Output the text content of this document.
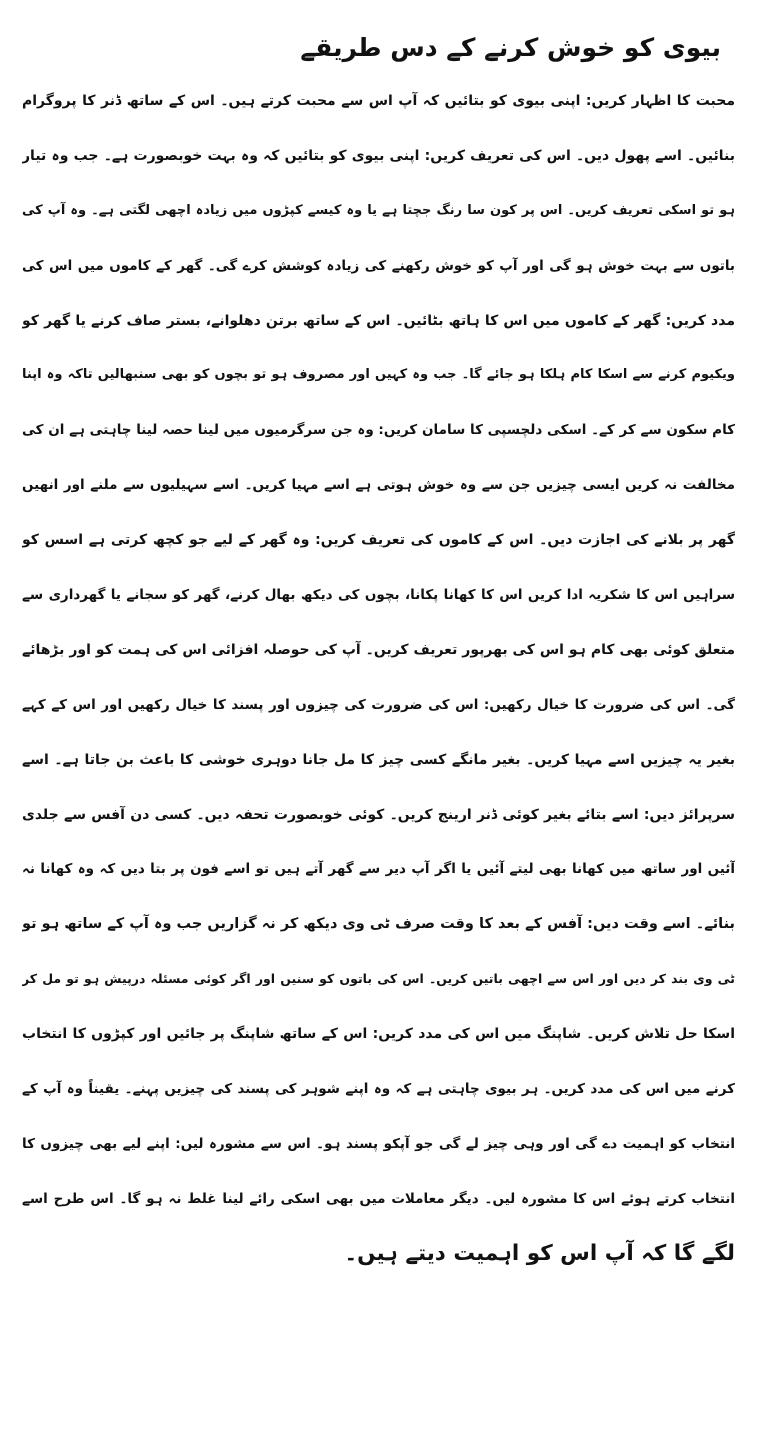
بیوی کو خوش کرنے کے دس طریقے
محبت کا اظہار کریں: اپنی بیوی کو بتائیں کہ آپ اس سے محبت کرتے ہیں۔ اس کے ساتھ ڈنر کا پروگرام
بنائیں۔ اسے پھول دیں۔ اس کی تعریف کریں: اپنی بیوی کو بتائیں کہ وہ بہت خوبصورت ہے۔ جب وہ تیار
ہو تو اسکی تعریف کریں۔ اس پر کون سا رنگ جچتا ہے یا وہ کیسے کپڑوں میں زیادہ اچھی لگتی ہے۔ وہ آپ کی
باتوں سے بہت خوش ہو گی اور آپ کو خوش رکھنے کی زیادہ کوشش کرے گی۔ گھر کے کاموں میں اس کی
مدد کریں: گھر کے کاموں میں اس کا ہاتھ بٹائیں۔ اس کے ساتھ برتن دھلوانے، بستر صاف کرنے یا گھر کو
ویکیوم کرنے سے اسکا کام ہلکا ہو جائے گا۔ جب وہ کہیں اور مصروف ہو تو بچوں کو بھی سنبھالیں تاکہ وہ اپنا
کام سکون سے کر کے۔ اسکی دلچسپی کا سامان کریں: وہ جن سرگرمیوں میں لینا حصہ لینا چاہتی ہے ان کی
مخالفت نہ کریں ایسی چیزیں جن سے وہ خوش ہوتی ہے اسے مہیا کریں۔ اسے سہیلیوں سے ملنے اور انھیں
گھر پر بلانے کی اجازت دیں۔ اس کے کاموں کی تعریف کریں: وہ گھر کے لیے جو کچھ کرتی ہے اسس کو
سراہیں اس کا شکریہ ادا کریں اس کا کھانا پکانا، بچوں کی دیکھ بھال کرنے، گھر کو سجانے یا گھرداری سے
متعلق کوئی بھی کام ہو اس کی بھرپور تعریف کریں۔ آپ کی حوصلہ افزائی اس کی ہمت کو اور بڑھائے
گی۔ اس کی ضرورت کا خیال رکھیں: اس کی ضرورت کی چیزوں اور پسند کا خیال رکھیں اور اس کے کہے
بغیر یہ چیزیں اسے مہیا کریں۔ بغیر مانگے کسی چیز کا مل جانا دوہری خوشی کا باعث بن جاتا ہے۔ اسے
سرپرائز دیں: اسے بتائے بغیر کوئی ڈنر ارینج کریں۔ کوئی خوبصورت تحفہ دیں۔ کسی دن آفس سے جلدی
آئیں اور ساتھ میں کھانا بھی لیتے آئیں یا اگر آپ دیر سے گھر آتے ہیں تو اسے فون پر بتا دیں کہ وہ کھانا نہ
بنائے۔ اسے وقت دیں: آفس کے بعد کا وقت صرف ٹی وی دیکھ کر نہ گزاریں جب وہ آپ کے ساتھ ہو تو
ٹی وی بند کر دیں اور اس سے اچھی باتیں کریں۔ اس کی باتوں کو سنیں اور اگر کوئی مسئلہ درپیش ہو تو مل کر
اسکا حل تلاش کریں۔ شاپنگ میں اس کی مدد کریں: اس کے ساتھ شاپنگ پر جائیں اور کپڑوں کا انتخاب
کرنے میں اس کی مدد کریں۔ ہر بیوی چاہتی ہے کہ وہ اپنے شوہر کی پسند کی چیزیں پہنے۔ یقیناً وہ آپ کے
انتخاب کو اہمیت دے گی اور وہی چیز لے گی جو آپکو پسند ہو۔ اس سے مشورہ لیں: اپنے لیے بھی چیزوں کا
انتخاب کرتے ہوئے اس کا مشورہ لیں۔ دیگر معاملات میں بھی اسکی رائے لینا غلط نہ ہو گا۔ اس طرح اسے
لگے گا کہ آپ اس کو اہمیت دیتے ہیں۔
